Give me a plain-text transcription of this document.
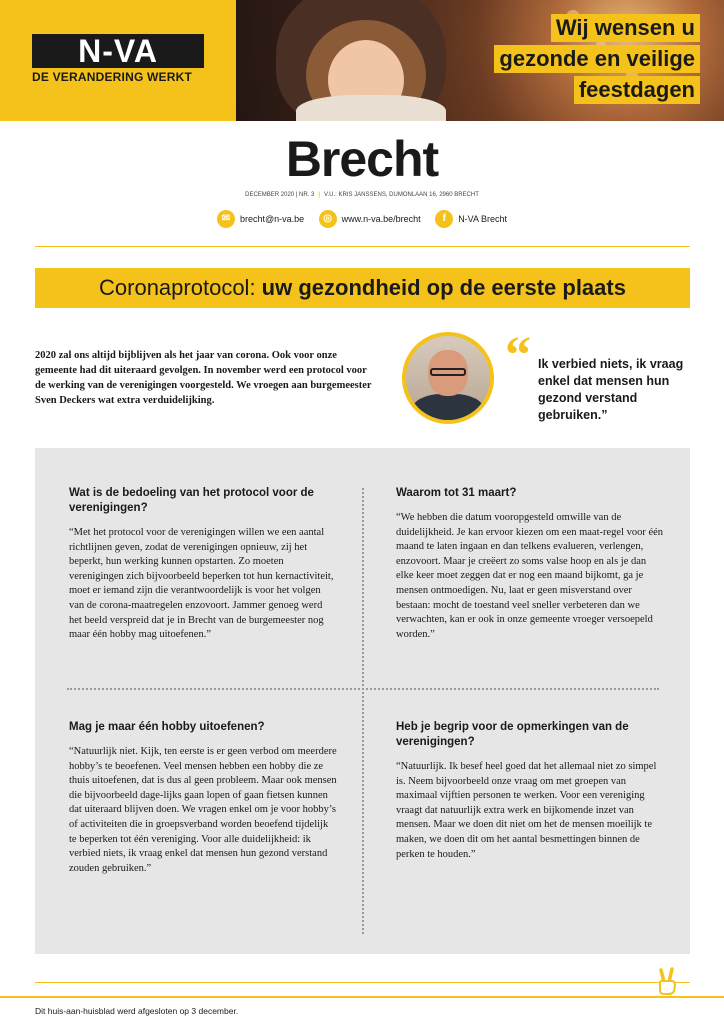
N-VA
DE VERANDERING WERKT
Wij wensen u
gezonde en veilige
feestdagen
Brecht
DECEMBER 2020 | NR. 3 | V.U.: KRIS JANSSENS, DUMONLAAN 16, 2960 BRECHT
✉	brecht@n-va.be
	◎	www.n-va.be/brecht
	f	N-VA Brecht
Coronaprotocol: uw gezondheid op de eerste plaats
2020 zal ons altijd bijblijven als het jaar van corona. Ook voor onze gemeente had dit uiteraard gevolgen. In november werd een protocol voor de werking van de verenigingen voorgesteld. We vroegen aan burgemeester Sven Deckers wat extra verduidelijking.
“ Ik verbied niets, ik vraag enkel dat mensen hun gezond verstand gebruiken.”
Wat is de bedoeling van het protocol voor de verenigingen?

“Met het protocol voor de verenigingen willen we een aantal richtlijnen geven, zodat de verenigingen opnieuw, zij het beperkt, hun werking kunnen opstarten. Zo moeten verenigingen zich bijvoorbeeld beperken tot hun kernactiviteit, moet er iemand zijn die verantwoordelijk is voor het volgen van de corona-maatregelen enzovoort. Jammer genoeg werd het beeld verspreid dat je in Brecht van de burgemeester nog maar één hobby mag uitoefenen.”

Waarom tot 31 maart?

“We hebben die datum vooropgesteld omwille van de duidelijkheid. Je kan ervoor kiezen om een maat-regel voor één maand te laten ingaan en dan telkens evalueren, verlengen, enzovoort. Maar je creëert zo soms valse hoop en als je dan elke keer moet zeggen dat er nog een maand bijkomt, ga je mensen ontmoedigen. Nu, laat er geen misverstand over bestaan: mocht de toestand veel sneller verbeteren dan we verwachten, kan er ook in onze gemeente vroeger versoepeld worden.”

Mag je maar één hobby uitoefenen?

“Natuurlijk niet. Kijk, ten eerste is er geen verbod om meerdere hobby’s te beoefenen. Veel mensen hebben een hobby die ze thuis uitoefenen, dat is dus al geen probleem. Maar ook mensen die bijvoorbeeld dage-lijks gaan lopen of gaan fietsen kunnen dat uiteraard blijven doen. We vragen enkel om je voor hobby’s of activiteiten die in groepsverband worden beoefend tijdelijk te beperken tot één vereniging. Voor alle duidelijkheid: ik verbied niets, ik vraag enkel dat mensen hun gezond verstand zouden gebruiken.”

Heb je begrip voor de opmerkingen van de verenigingen?

“Natuurlijk. Ik besef heel goed dat het allemaal niet zo simpel is. Neem bijvoorbeeld onze vraag om met groepen van maximaal vijftien personen te werken. Voor een vereniging vraagt dat natuurlijk extra werk en bijkomende inzet van mensen. Maar we doen dit niet om het de mensen moeilijk te maken, we doen dit om het aantal besmettingen binnen de perken te houden.”

Dit huis-aan-huisblad werd afgesloten op 3 december.
